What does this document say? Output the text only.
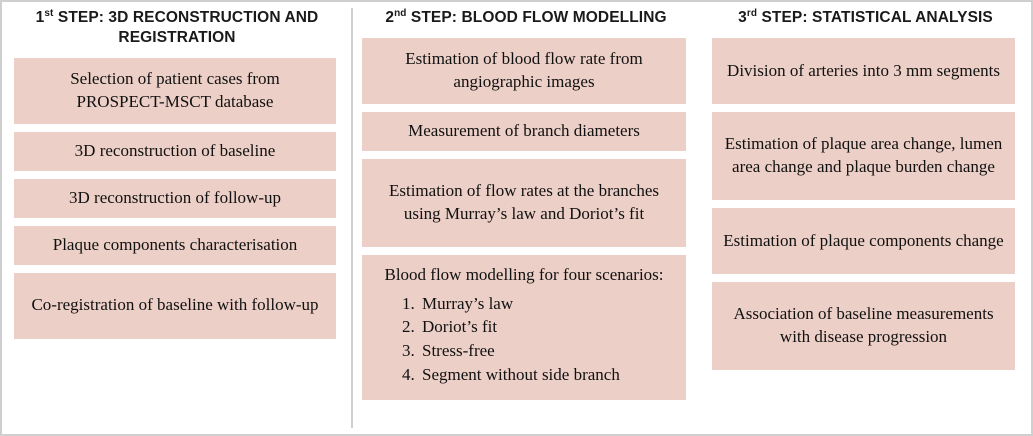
1st STEP: 3D RECONSTRUCTION AND REGISTRATION
Selection of patient cases from PROSPECT-MSCT database
3D reconstruction of baseline
3D reconstruction of follow-up
Plaque components characterisation
Co-registration of baseline with follow-up
2nd STEP: BLOOD FLOW MODELLING
Estimation of blood flow rate from angiographic images
Measurement of branch diameters
Estimation of flow rates at the branches using Murray’s law and Doriot’s fit
Blood flow modelling for four scenarios:
1. Murray’s law
2. Doriot’s fit
3. Stress-free
4. Segment without side branch
3rd STEP: STATISTICAL ANALYSIS
Division of arteries into 3 mm segments
Estimation of plaque area change, lumen area change and plaque burden change
Estimation of plaque components change
Association of baseline measurements with disease progression
